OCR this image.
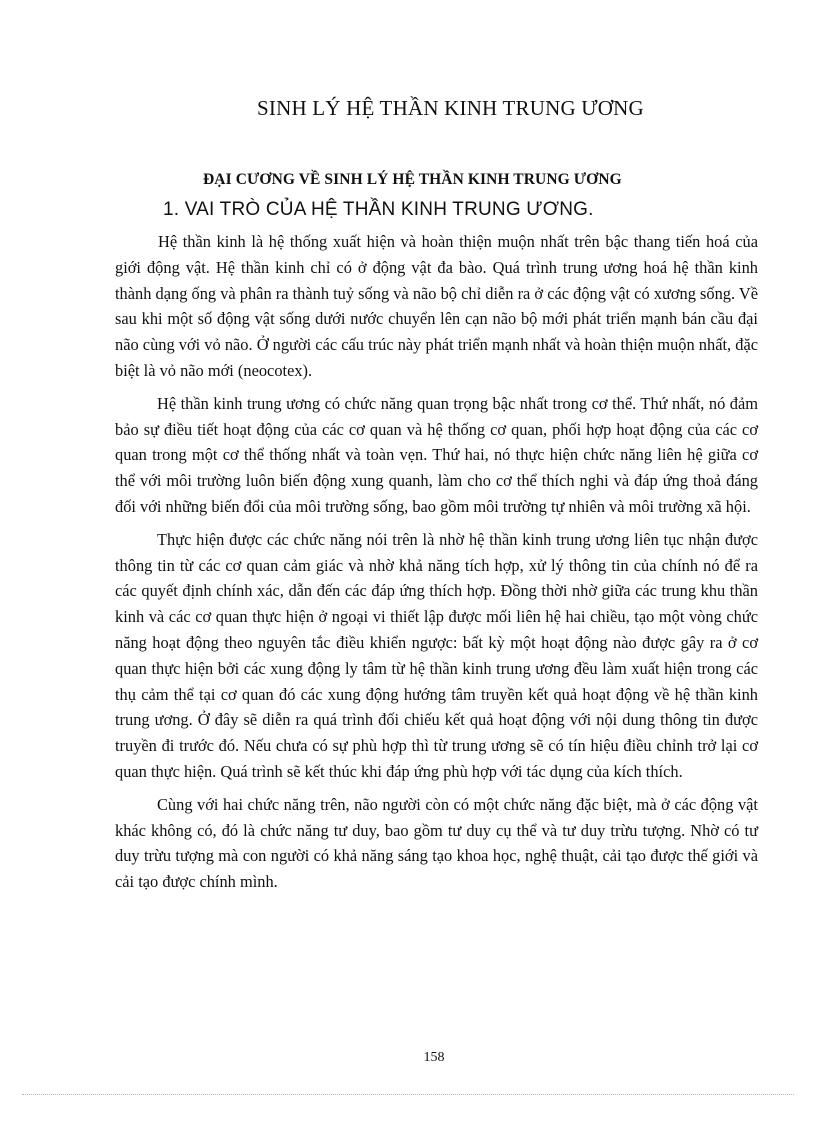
SINH LÝ HỆ THẦN KINH TRUNG ƯƠNG
ĐẠI CƯƠNG VỀ SINH LÝ HỆ THẦN KINH TRUNG ƯƠNG
1. VAI TRÒ CỦA HỆ THẦN KINH TRUNG ƯƠNG.

Hệ thần kinh là hệ thống xuất hiện và hoàn thiện muộn nhất trên bậc thang tiến hoá của giới động vật. Hệ thần kinh chỉ có ở động vật đa bào. Quá trình trung ương hoá hệ thần kinh thành dạng ống và phân ra thành tuỷ sống và não bộ chỉ diễn ra ở các động vật có xương sống. Về sau khi một số động vật sống dưới nước chuyển lên cạn não bộ mới phát triển mạnh bán cầu đại não cùng với vỏ não. Ở người các cấu trúc này phát triển mạnh nhất và hoàn thiện muộn nhất, đặc biệt là vỏ não mới (neocotex).

Hệ thần kinh trung ương có chức năng quan trọng bậc nhất trong cơ thể. Thứ nhất, nó đảm bảo sự điều tiết hoạt động của các cơ quan và hệ thống cơ quan, phối hợp hoạt động của các cơ quan trong một cơ thể thống nhất và toàn vẹn. Thứ hai, nó thực hiện chức năng liên hệ giữa cơ thể với môi trường luôn biến động xung quanh, làm cho cơ thể thích nghi và đáp ứng thoả đáng đối với những biến đổi của môi trường sống, bao gồm môi trường tự nhiên và môi trường xã hội.

Thực hiện được các chức năng nói trên là nhờ hệ thần kinh trung ương liên tục nhận được thông tin từ các cơ quan cảm giác và nhờ khả năng tích hợp, xử lý thông tin của chính nó để ra các quyết định chính xác, dẫn đến các đáp ứng thích hợp. Đồng thời nhờ giữa các trung khu thần kinh và các cơ quan thực hiện ở ngoại vi thiết lập được mối liên hệ hai chiều, tạo một vòng chức năng hoạt động theo nguyên tắc điều khiển ngược: bất kỳ một hoạt động nào được gây ra ở cơ quan thực hiện bởi các xung động ly tâm từ hệ thần kinh trung ương đều làm xuất hiện trong các thụ cảm thể tại cơ quan đó các xung động hướng tâm truyền kết quả hoạt động về hệ thần kinh trung ương. Ở đây sẽ diễn ra quá trình đối chiếu kết quả hoạt động với nội dung thông tin được truyền đi trước đó. Nếu chưa có sự phù hợp thì từ trung ương sẽ có tín hiệu điều chỉnh trở lại cơ quan thực hiện. Quá trình sẽ kết thúc khi đáp ứng phù hợp với tác dụng của kích thích.

Cùng với hai chức năng trên, não người còn có một chức năng đặc biệt, mà ở các động vật khác không có, đó là chức năng tư duy, bao gồm tư duy cụ thể và tư duy trừu tượng. Nhờ có tư duy trừu tượng mà con người có khả năng sáng tạo khoa học, nghệ thuật, cải tạo được thế giới và cải tạo được chính mình.

158
